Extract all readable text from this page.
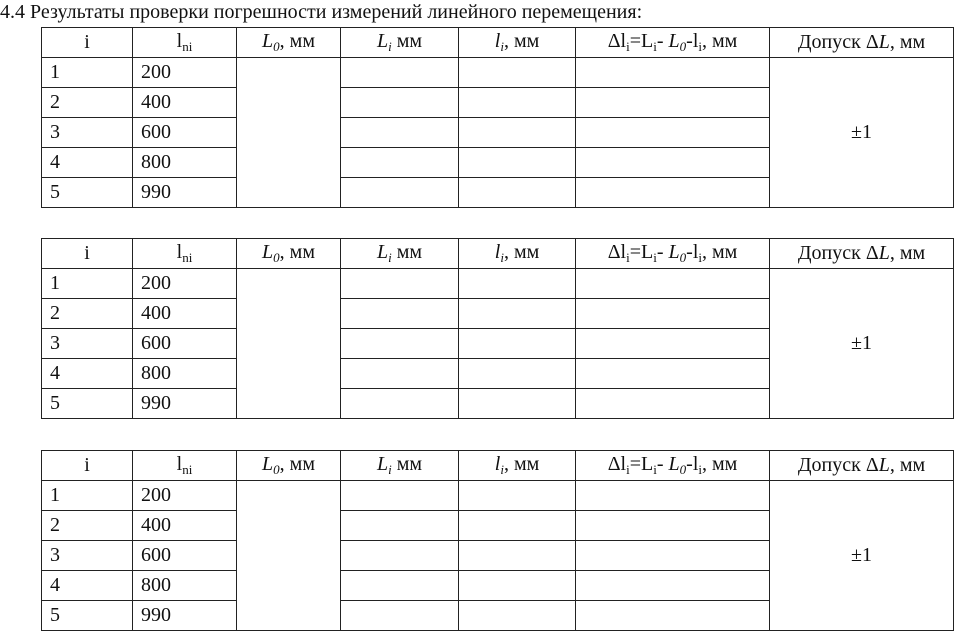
4.4 Результаты проверки погрешности измерений линейного перемещения:

i	$l_{ni}$	$L_0$, мм	$L_i$ мм	$l_i$, мм	$\Delta l_i=L_i-$ $L_0-l_i$, мм	Допуск ΔL, мм
1	200					±1
2	400					
3	600					
4	800					
5	990					
i	$l_{ni}$	$L_0$, мм	$L_i$ мм	$l_i$, мм	$\Delta l_i=L_i-$ $L_0-l_i$, мм	Допуск ΔL, мм
1	200					±1
2	400					
3	600					
4	800					
5	990					
i	$l_{ni}$	$L_0$, мм	$L_i$ мм	$l_i$, мм	$\Delta l_i=L_i-$ $L_0-l_i$, мм	Допуск ΔL, мм
1	200					±1
2	400					
3	600					
4	800					
5	990					
